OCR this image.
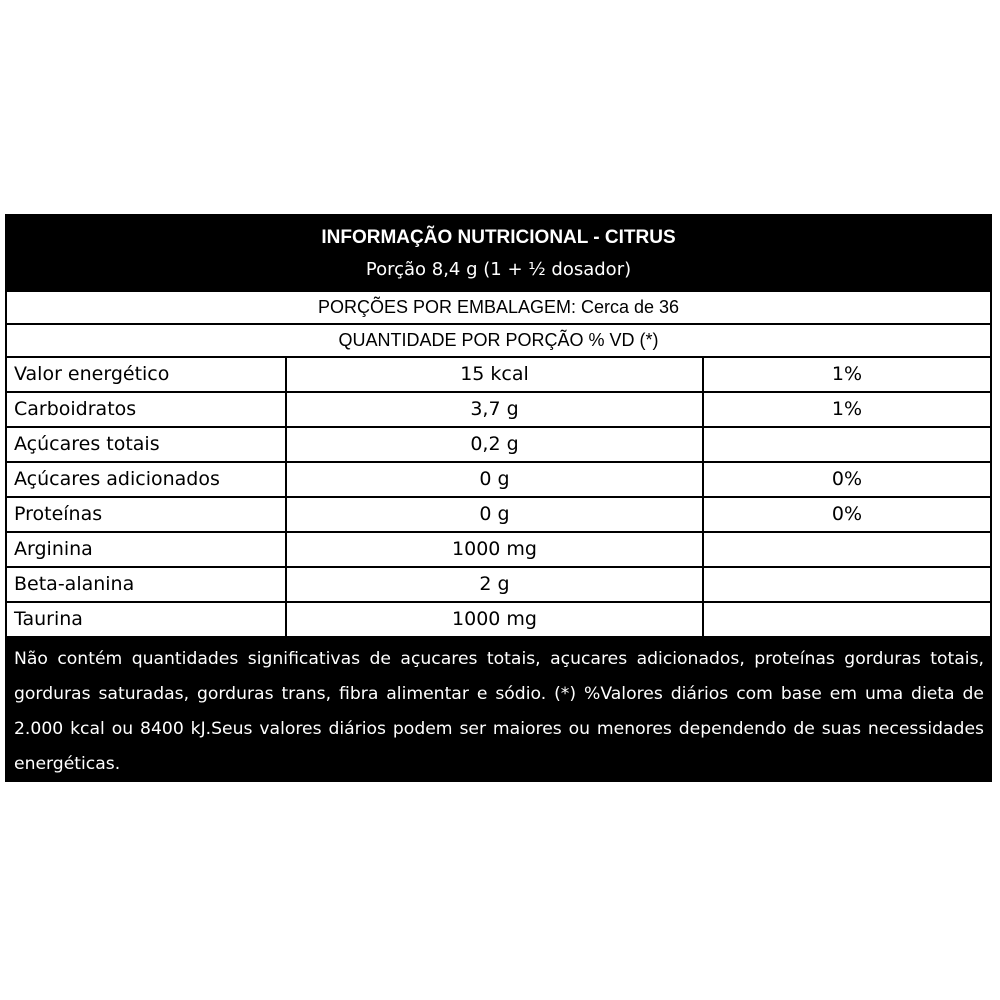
INFORMAÇÃO NUTRICIONAL - CITRUS
Porção 8,4 g (1 + ½ dosador)
PORÇÕES POR EMBALAGEM: Cerca de 36
QUANTIDADE POR PORÇÃO % VD (*)
Valor energético	15 kcal	1%
Carboidratos	3,7 g	1%
Açúcares totais	0,2 g
Açúcares adicionados	0 g	0%
Proteínas	0 g	0%
Arginina	1000 mg
Beta-alanina	2 g
Taurina	1000 mg
Não contém quantidades significativas de açucares totais, açucares adicionados, proteínas gorduras totais, gorduras saturadas, gorduras trans, fibra alimentar e sódio. (*) %Valores diários com base em uma dieta de 2.000 kcal ou 8400 kJ.Seus valores diários podem ser maiores ou menores dependendo de suas necessidades energéticas.
